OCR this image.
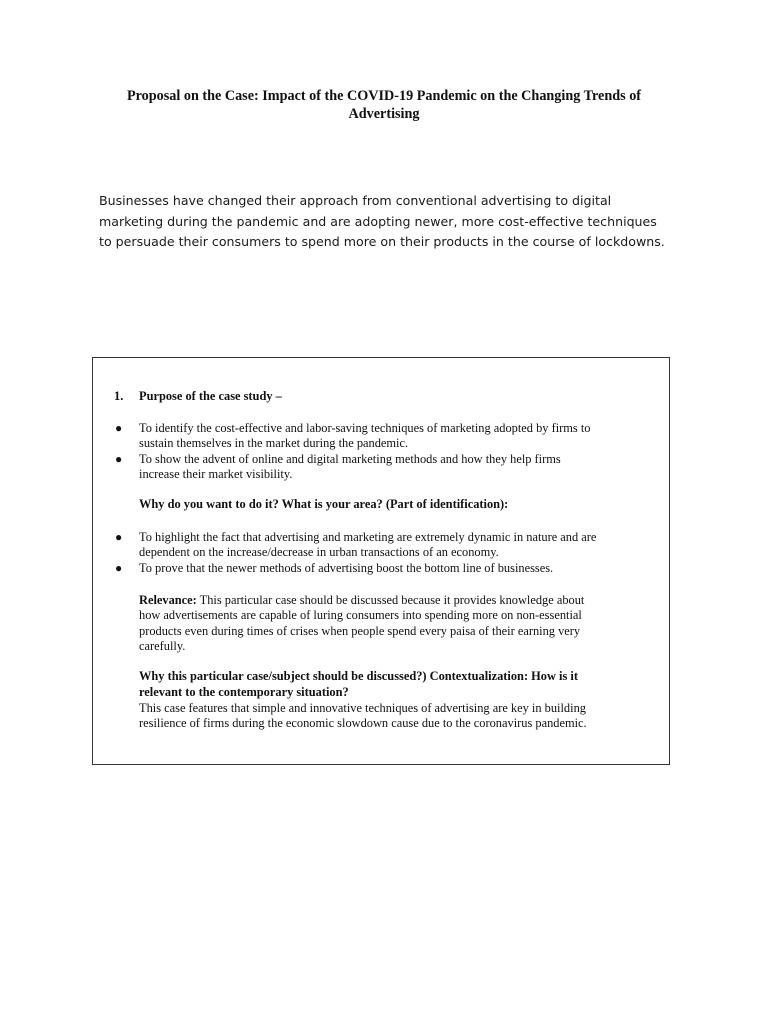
Proposal on the Case: Impact of the COVID-19 Pandemic on the Changing Trends of
Advertising
Businesses have changed their approach from conventional advertising to digital
marketing during the pandemic and are adopting newer, more cost-effective techniques
to persuade their consumers to spend more on their products in the course of lockdowns.
1. Purpose of the case study –
● To identify the cost-effective and labor-saving techniques of marketing adopted by firms to
sustain themselves in the market during the pandemic.
● To show the advent of online and digital marketing methods and how they help firms
increase their market visibility.
Why do you want to do it? What is your area? (Part of identification):
● To highlight the fact that advertising and marketing are extremely dynamic in nature and are
dependent on the increase/decrease in urban transactions of an economy.
● To prove that the newer methods of advertising boost the bottom line of businesses.
Relevance: This particular case should be discussed because it provides knowledge about
how advertisements are capable of luring consumers into spending more on non-essential
products even during times of crises when people spend every paisa of their earning very
carefully.
Why this particular case/subject should be discussed?) Contextualization: How is it
relevant to the contemporary situation?
This case features that simple and innovative techniques of advertising are key in building
resilience of firms during the economic slowdown cause due to the coronavirus pandemic.
